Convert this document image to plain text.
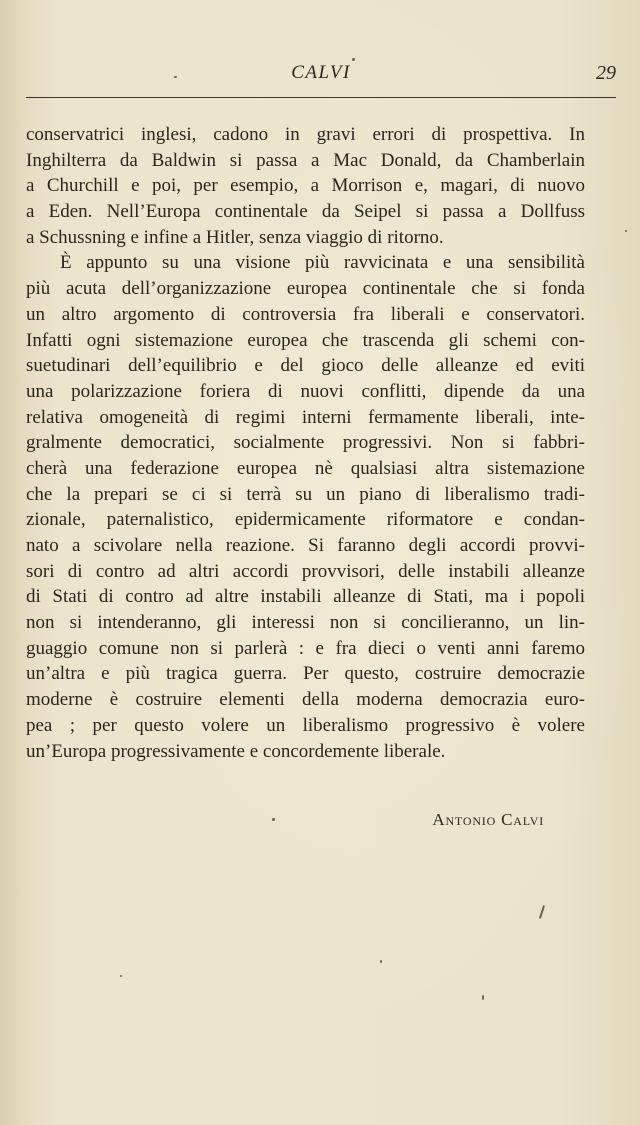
CALVI	29
conservatrici inglesi, cadono in gravi errori di prospettiva. In
Inghilterra da Baldwin si passa a Mac Donald, da Chamberlain
a Churchill e poi, per esempio, a Morrison e, magari, di nuovo
a Eden. Nell’Europa continentale da Seipel si passa a Dollfuss
a Schussning e infine a Hitler, senza viaggio di ritorno.
È appunto su una visione più ravvicinata e una sensibilità
più acuta dell’organizzazione europea continentale che si fonda
un altro argomento di controversia fra liberali e conservatori.
Infatti ogni sistemazione europea che trascenda gli schemi con-
suetudinari dell’equilibrio e del gioco delle alleanze ed eviti
una polarizzazione foriera di nuovi conflitti, dipende da una
relativa omogeneità di regimi interni fermamente liberali, inte-
gralmente democratici, socialmente progressivi. Non si fabbri-
cherà una federazione europea nè qualsiasi altra sistemazione
che la prepari se ci si terrà su un piano di liberalismo tradi-
zionale, paternalistico, epidermicamente riformatore e condan-
nato a scivolare nella reazione. Si faranno degli accordi provvi-
sori di contro ad altri accordi provvisori, delle instabili alleanze
di Stati di contro ad altre instabili alleanze di Stati, ma i popoli
non si intenderanno, gli interessi non si concilieranno, un lin-
guaggio comune non si parlerà : e fra dieci o venti anni faremo
un’altra e più tragica guerra. Per questo, costruire democrazie
moderne è costruire elementi della moderna democrazia euro-
pea ; per questo volere un liberalismo progressivo è volere
un’Europa progressivamente e concordemente liberale.
Antonio Calvi
